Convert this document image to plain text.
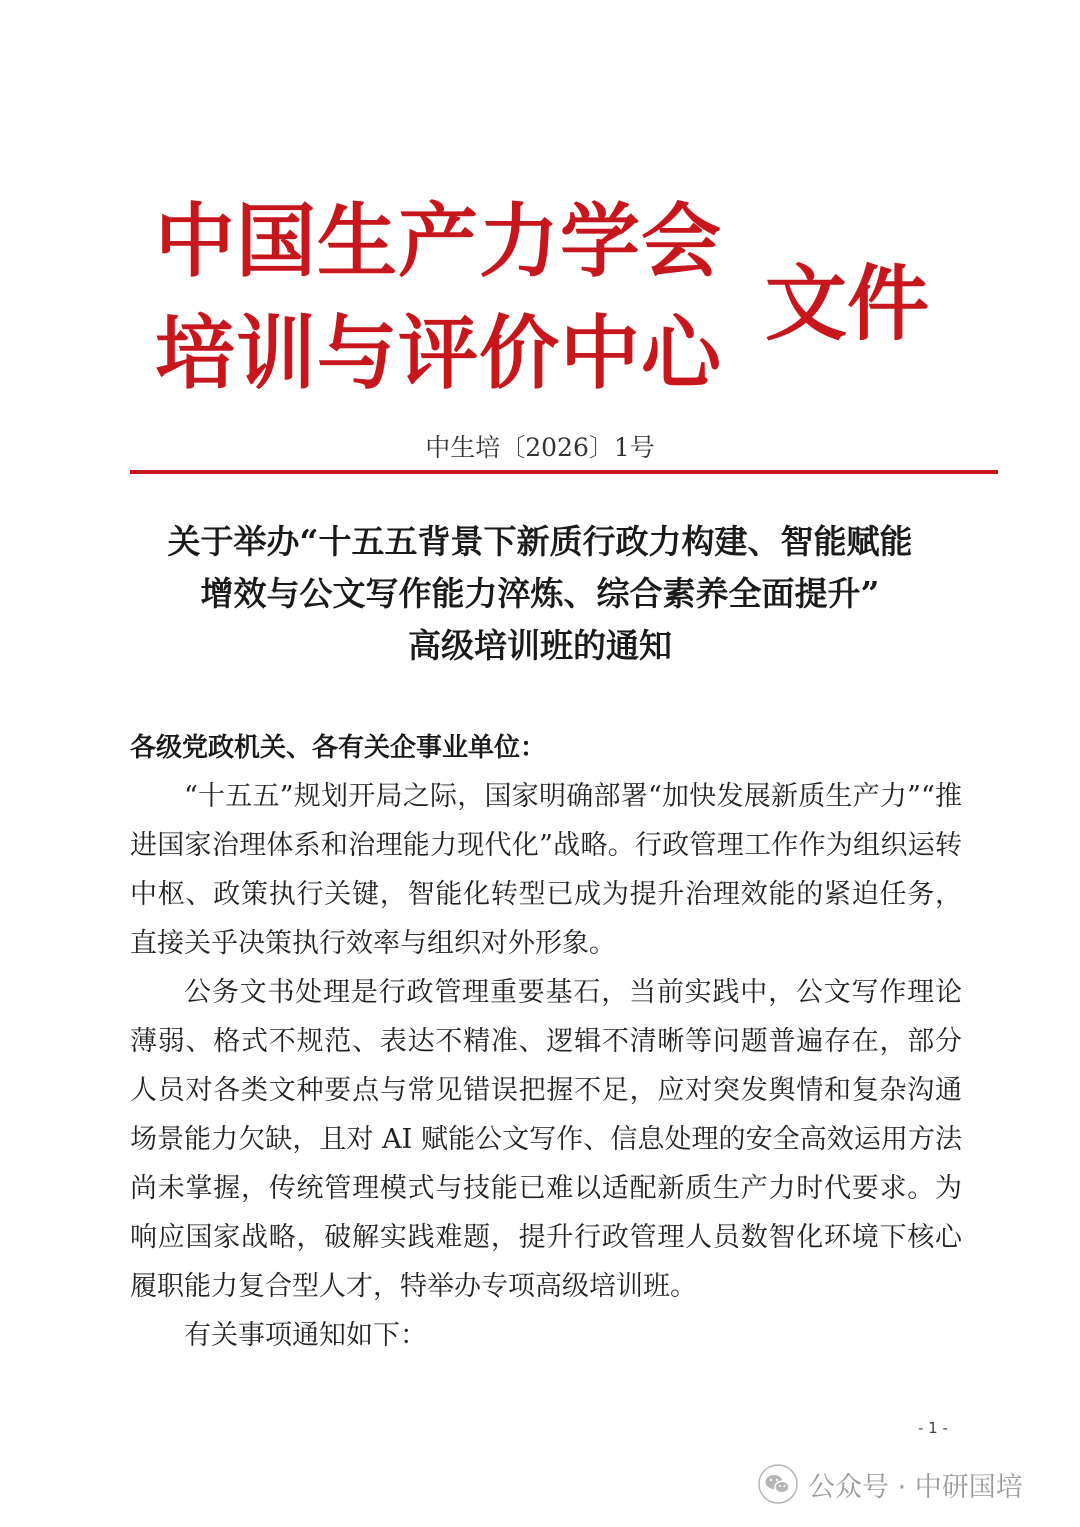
中国生产力学会
培训与评价中心
文件
中生培〔2026〕1号
关于举办“十五五背景下新质行政力构建、智能赋能
增效与公文写作能力淬炼、综合素养全面提升”
高级培训班的通知
各级党政机关、各有关企事业单位：

“十五五”规划开局之际，国家明确部署“加快发展新质生产力”“推进国家治理体系和治理能力现代化”战略。行政管理工作作为组织运转中枢、政策执行关键，智能化转型已成为提升治理效能的紧迫任务，直接关乎决策执行效率与组织对外形象。

公务文书处理是行政管理重要基石，当前实践中，公文写作理论薄弱、格式不规范、表达不精准、逻辑不清晰等问题普遍存在，部分人员对各类文种要点与常见错误把握不足，应对突发舆情和复杂沟通场景能力欠缺，且对 AI 赋能公文写作、信息处理的安全高效运用方法尚未掌握，传统管理模式与技能已难以适配新质生产力时代要求。为响应国家战略，破解实践难题，提升行政管理人员数智化环境下核心履职能力复合型人才，特举办专项高级培训班。

有关事项通知如下：

- 1 -
公众号 · 中研国培
